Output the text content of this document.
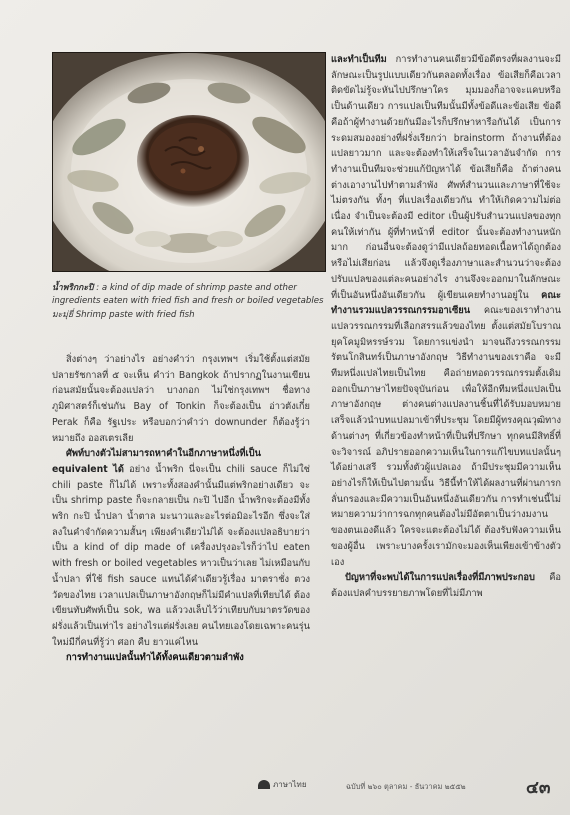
น้ำพริกกะปิ : a kind of dip made of shrimp paste and other ingredients eaten with fried fish and fresh or boiled vegetables มะมุ่ยี่ Shrimp paste with fried fish

สิ่งต่างๆ ว่าอย่างไร อย่างคำว่า กรุงเทพฯ เริ่มใช้ตั้งแต่สมัยปลายรัชกาลที่ ๕ จะเห็น คำว่า Bangkok ถ้าปรากฏในงานเขียนก่อนสมัยนั้นจะต้องแปลว่า บางกอก ไม่ใช่กรุงเทพฯ ชื่อทางภูมิศาสตร์ก็เช่นกัน Bay of Tonkin ก็จะต้องเป็น อ่าวตังเกี๋ย Perak ก็คือ รัฐเประ หรือบอกว่าคำว่า downunder ก็ต้องรู้ว่าหมายถึง ออสเตรเลีย

ศัพท์บางตัวไม่สามารถหาคำในอีกภาษาหนึ่งที่เป็น equivalent ได้ อย่าง น้ำพริก นี่จะเป็น chili sauce ก็ไม่ใช่ chili paste ก็ไม่ได้ เพราะทั้งสองคำนั้นมีแต่พริกอย่างเดียว จะเป็น shrimp paste ก็จะกลายเป็น กะปิ ไปอีก น้ำพริกจะต้องมีทั้งพริก กะปิ น้ำปลา น้ำตาล มะนาวและอะไรต่อมิอะไรอีก ซึ่งจะใส่ลงในคำจำกัดความสั้นๆ เพียงคำเดียวไม่ได้ จะต้องแปลอธิบายว่าเป็น a kind of dip made of เครื่องปรุงอะไรก็ว่าไป eaten with fresh or boiled vegetables หาวเป็นว่าเลย ไม่เหมือนกับ น้ำปลา ที่ใช้ fish sauce แทนได้คำเดียวรู้เรื่อง มาตราชั่ง ตวง วัดของไทย เวลาแปลเป็นภาษาอังกฤษก็ไม่มีคำแปลที่เทียบได้ ต้องเขียนทับศัพท์เป็น sok, wa แล้ววงเล็บไว้ว่าเทียบกับมาตรวัดของฝรั่งแล้วเป็นเท่าไร อย่างไรแต่ฝรั่งเลย คนไทยเองโดยเฉพาะคนรุ่นใหม่มีกี่คนที่รู้ว่า ศอก คืบ ยาวแค่ไหน

การทำงานแปลนั้นทำได้ทั้งคนเดียวตามลำพัง

และทำเป็นทีม การทำงานคนเดียวมีข้อดีตรงที่ผลงานจะมีลักษณะเป็นรูปแบบเดียวกันตลอดทั้งเรื่อง ข้อเสียก็คือเวลาติดขัดไม่รู้จะหันไปปรึกษาใคร มุมมองก็อาจจะแคบหรือเป็นด้านเดียว การแปลเป็นทีมนั้นมีทั้งข้อดีและข้อเสีย ข้อดีคือถ้าผู้ทำงานด้วยกันมีอะไรก็ปรึกษาหารือกันได้ เป็นการระดมสมองอย่างที่ฝรั่งเรียกว่า brainstorm ถ้างานที่ต้องแปลยาวมาก และจะต้องทำให้เสร็จในเวลาอันจำกัด การทำงานเป็นทีมจะช่วยแก้ปัญหาได้ ข้อเสียก็คือ ถ้าต่างคนต่างเอางานไปทำตามลำพัง ศัพท์สำนวนและภาษาที่ใช้จะไม่ตรงกัน ทั้งๆ ที่แปลเรื่องเดียวกัน ทำให้เกิดความไม่ต่อเนื่อง จำเป็นจะต้องมี editor เป็นผู้ปรับสำนวนแปลของทุกคนให้เท่ากัน ผู้ที่ทำหน้าที่ editor นั้นจะต้องทำงานหนักมาก ก่อนอื่นจะต้องดูว่ามีแปลถ้อยทอดเนื้อหาได้ถูกต้องหรือไม่เสียก่อน แล้วจึงดูเรื่องภาษาและสำนวนว่าจะต้องปรับแปลของแต่ละคนอย่างไร งานจึงจะออกมาในลักษณะที่เป็นอันหนึ่งอันเดียวกัน ผู้เขียนเคยทำงานอยู่ใน คณะทำงานรวมแปลวรรณกรรมอาเซียน คณะของเราทำงานแปลวรรณกรรมที่เลือกสรรแล้วของไทย ตั้งแต่สมัยโบราณยุคโคมูมิหรรษ์รวม โดยการแข่งนำ มาจนถึงวรรณกรรมรัตนโกสินทร์เป็นภาษาอังกฤษ วิธีทำงานของเราคือ จะมีทีมหนึ่งแปลไทยเป็นไทย คือถ่ายทอดวรรณกรรมตั้งเดิมออกเป็นภาษาไทยปัจจุบันก่อน เพื่อให้อีกทีมหนึ่งแปลเป็นภาษาอังกฤษ ต่างคนต่างแปลงานชิ้นที่ได้รับมอบหมาย เสร็จแล้วนำบทแปลมาเข้าที่ประชุม โดยมีผู้ทรงคุณวุฒิทางด้านต่างๆ ที่เกี่ยวข้องทำหน้าที่เป็นที่ปรึกษา ทุกคนมีสิทธิ์ที่จะวิจารณ์ อภิปรายออกความเห็นในการแก้ไขบทแปลนั้นๆ ได้อย่างเสรี รวมทั้งตัวผู้แปลเอง ถ้ามีประชุมมีความเห็นอย่างไรก็ให้เป็นไปตามนั้น วิธีนี้ทำให้ได้ผลงานที่ผ่านการกลั่นกรองและมีความเป็นอันหนึ่งอันเดียวกัน การทำเช่นนี้ไม่หมายความว่าการฉกทุกคนต้องไม่มีอัตตาเป็นว่างมงานของตนเองดีแล้ว ใครจะแตะต้องไม่ได้ ต้องรับฟังความเห็นของผู้อื่น เพราะบางครั้งเรามักจะมองเห็นเพียงเข้าข้างตัวเอง

ปัญหาที่จะพบได้ในการแปลเรื่องที่มีภาพประกอบ คือต้องแปลคำบรรยายภาพโดยที่ไม่มีภาพ

ภาษาไทย	ฉบับที่ ๒๖๐ ตุลาคม - ธันวาคม ๒๕๕๒	๔๓
